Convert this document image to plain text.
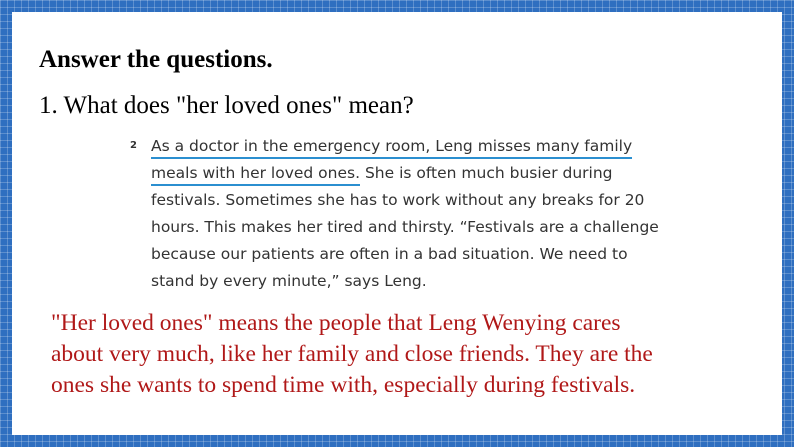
Answer the questions.
1. What does "her loved ones" mean?
2 As a doctor in the emergency room, Leng misses many family
meals with her loved ones. She is often much busier during
festivals. Sometimes she has to work without any breaks for 20
hours. This makes her tired and thirsty. “Festivals are a challenge
because our patients are often in a bad situation. We need to
stand by every minute,” says Leng.
"Her loved ones" means the people that Leng Wenying cares
about very much, like her family and close friends. They are the
ones she wants to spend time with, especially during festivals.
